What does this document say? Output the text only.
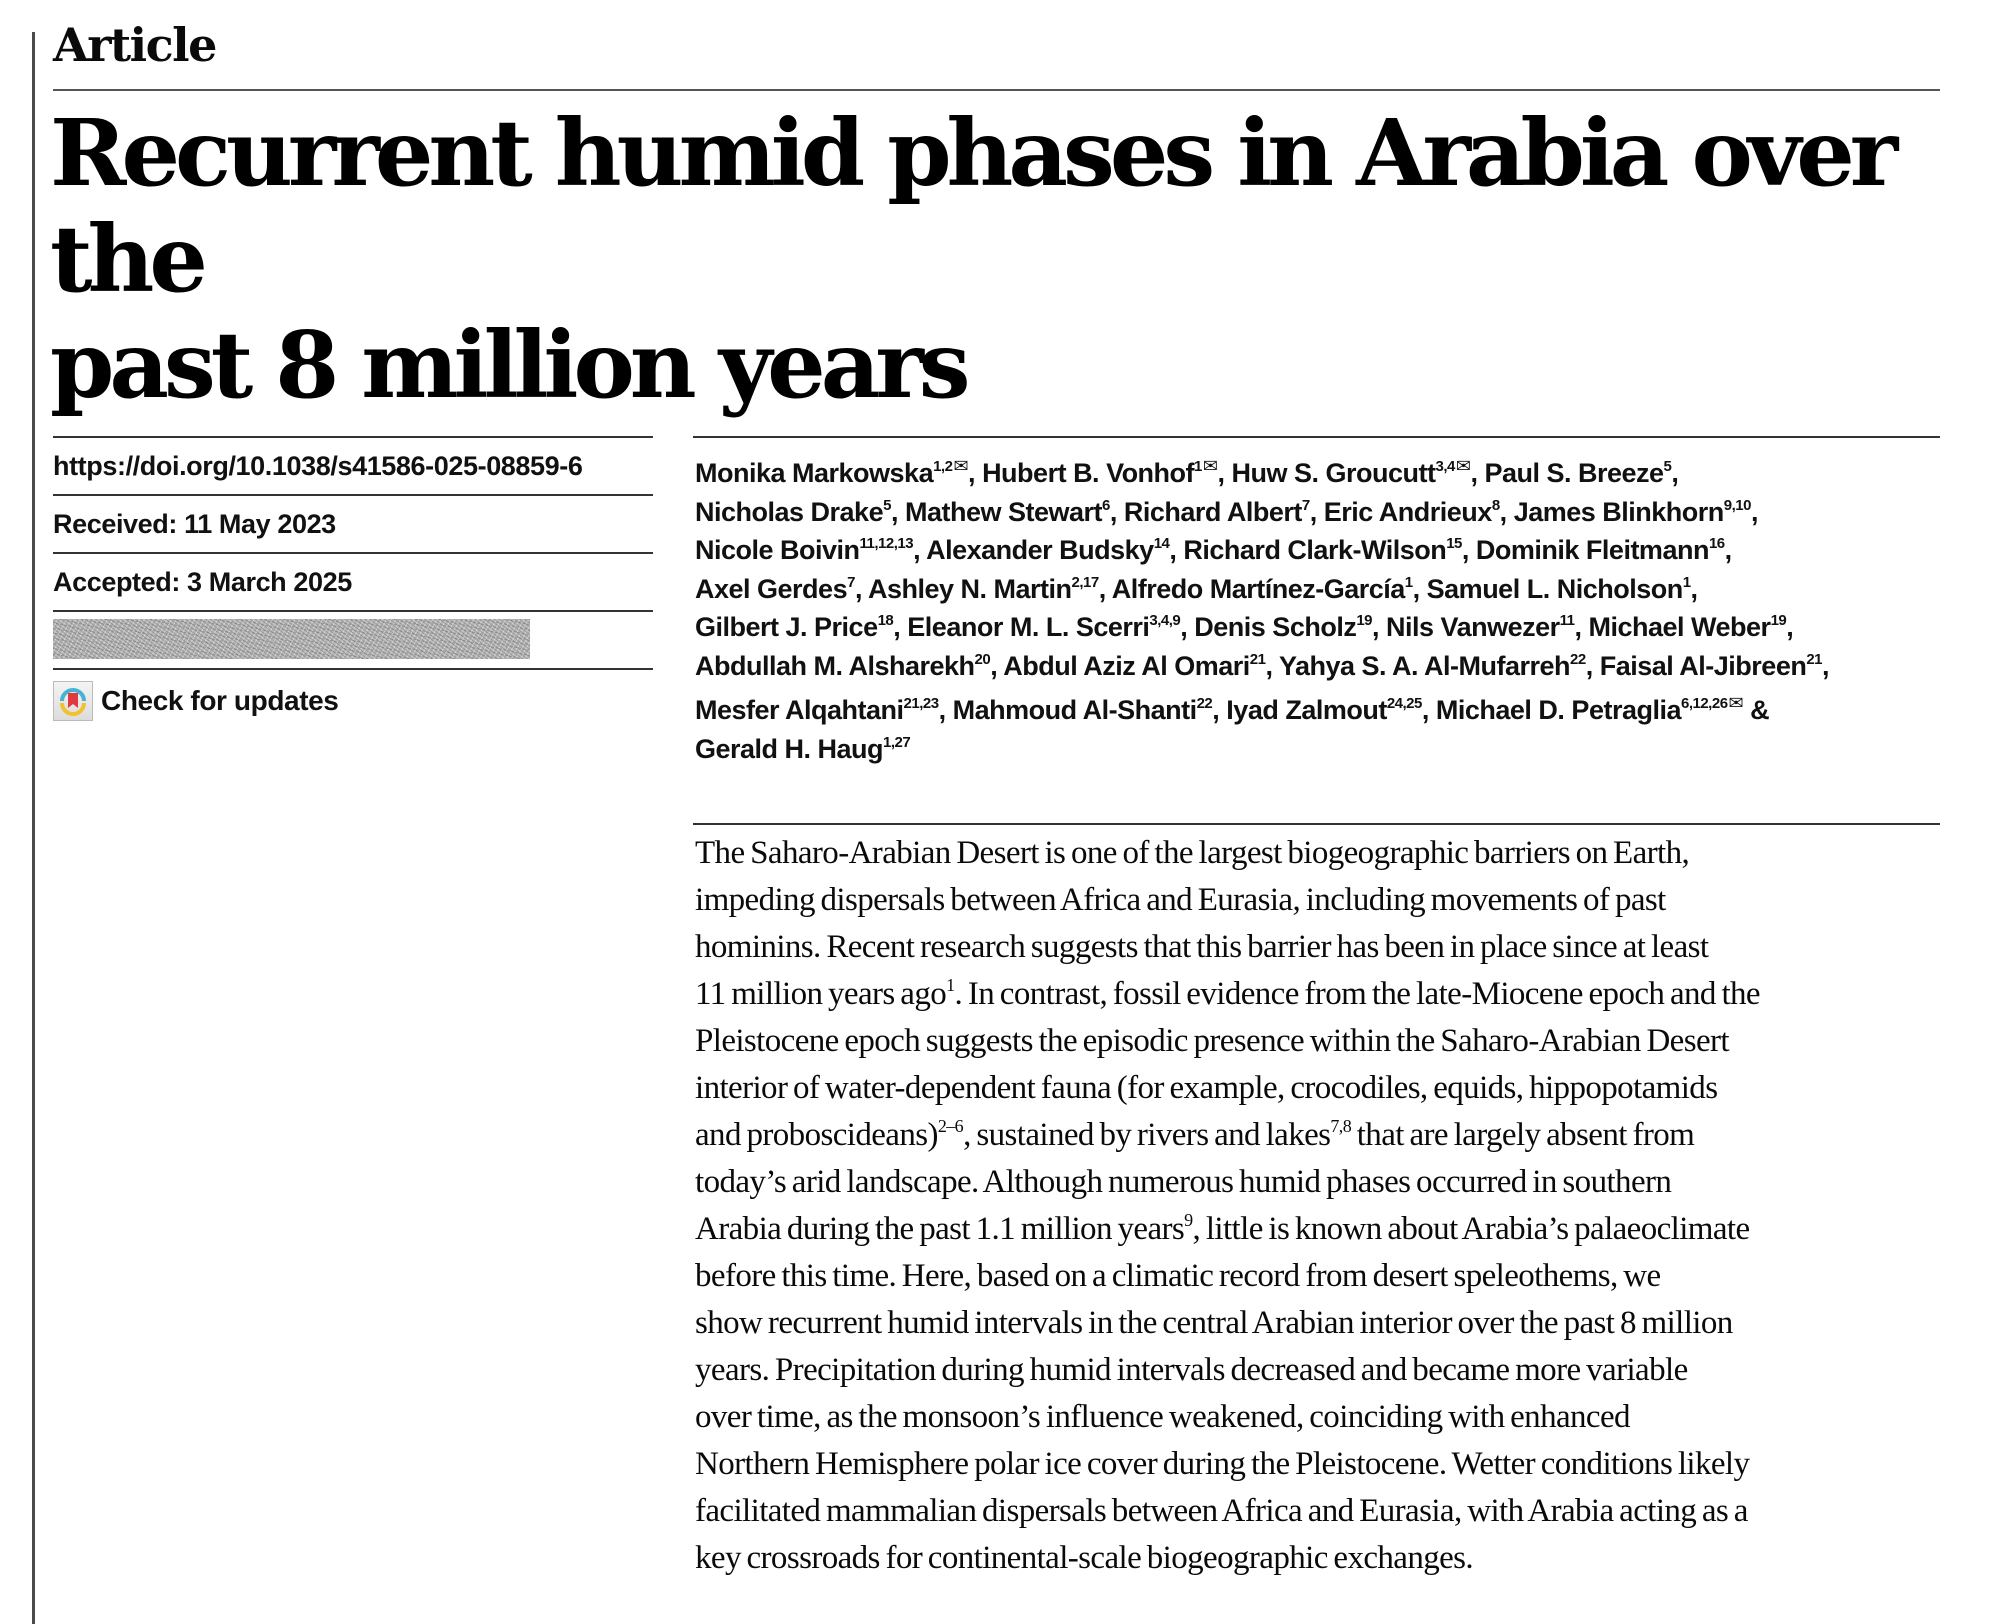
Article
Recurrent humid phases in Arabia over the
past 8 million years
https://doi.org/10.1038/s41586-025-08859-6
Received: 11 May 2023
Accepted: 3 March 2025
Check for updates
Monika Markowska$^{1,2✉}$, Hubert B. Vonhof$^{1✉}$, Huw S. Groucutt$^{3,4✉}$, Paul S. Breeze$^5$,
Nicholas Drake$^5$, Mathew Stewart$^6$, Richard Albert$^7$, Eric Andrieux$^8$, James Blinkhorn$^{9,10}$,
Nicole Boivin$^{11,12,13}$, Alexander Budsky$^{14}$, Richard Clark-Wilson$^{15}$, Dominik Fleitmann$^{16}$,
Axel Gerdes$^7$, Ashley N. Martin$^{2,17}$, Alfredo Martínez-García$^1$, Samuel L. Nicholson$^1$,
Gilbert J. Price$^{18}$, Eleanor M. L. Scerri$^{3,4,9}$, Denis Scholz$^{19}$, Nils Vanwezer$^{11}$, Michael Weber$^{19}$,
Abdullah M. Alsharekh$^{20}$, Abdul Aziz Al Omari$^{21}$, Yahya S. A. Al-Mufarreh$^{22}$, Faisal Al-Jibreen$^{21}$,
Mesfer Alqahtani$^{21,23}$, Mahmoud Al-Shanti$^{22}$, Iyad Zalmout$^{24,25}$, Michael D. Petraglia$^{6,12,26✉}$ &
Gerald H. Haug$^{1,27}$
The Saharo-Arabian Desert is one of the largest biogeographic barriers on Earth,
impeding dispersals between Africa and Eurasia, including movements of past
hominins. Recent research suggests that this barrier has been in place since at least
11 million years ago$^1$. In contrast, fossil evidence from the late-Miocene epoch and the
Pleistocene epoch suggests the episodic presence within the Saharo-Arabian Desert
interior of water-dependent fauna (for example, crocodiles, equids, hippopotamids
and proboscideans)$^{2-6}$, sustained by rivers and lakes$^{7,8}$ that are largely absent from
today’s arid landscape. Although numerous humid phases occurred in southern
Arabia during the past 1.1 million years$^9$, little is known about Arabia’s palaeoclimate
before this time. Here, based on a climatic record from desert speleothems, we
show recurrent humid intervals in the central Arabian interior over the past 8 million
years. Precipitation during humid intervals decreased and became more variable
over time, as the monsoon’s influence weakened, coinciding with enhanced
Northern Hemisphere polar ice cover during the Pleistocene. Wetter conditions likely
facilitated mammalian dispersals between Africa and Eurasia, with Arabia acting as a
key crossroads for continental-scale biogeographic exchanges.
